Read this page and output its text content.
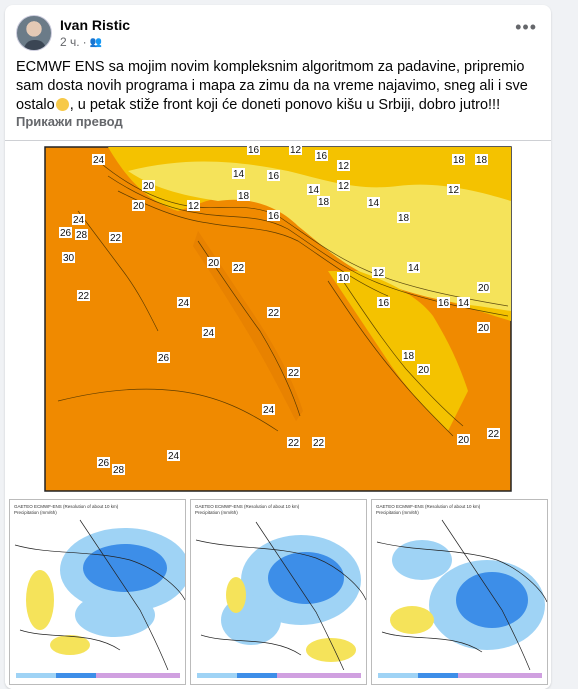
Ivan Ristic
2 ч. · 👥
•••
ECMWF ENS sa mojim novim kompleksnim algoritmom za padavine, pripremio sam dosta novih programa i mapa za zimu da na vreme najavimo, sneg ali i sve ostalo , u petak stiže front koji će doneti ponovo kišu u Srbiji, dobro jutro!!!
Прикажи превод
24
16	12
16
12
18 18
20
14 16
14 12
18
12
16
20
26
24
22
28
12
18
14
18
30
22
20 22
10 12 14
16
22
24
20
16 14
20
26
24
22
18
20
24
22 22
26
28
24
20
22
GAETEO ECMWF-ENS (Resolution of about 10 km)
Precipitation (mm/6h)
GAETEO ECMWF-ENS (Resolution of about 10 km)
Precipitation (mm/6h)
GAETEO ECMWF-ENS (Resolution of about 10 km)
Precipitation (mm/6h)
